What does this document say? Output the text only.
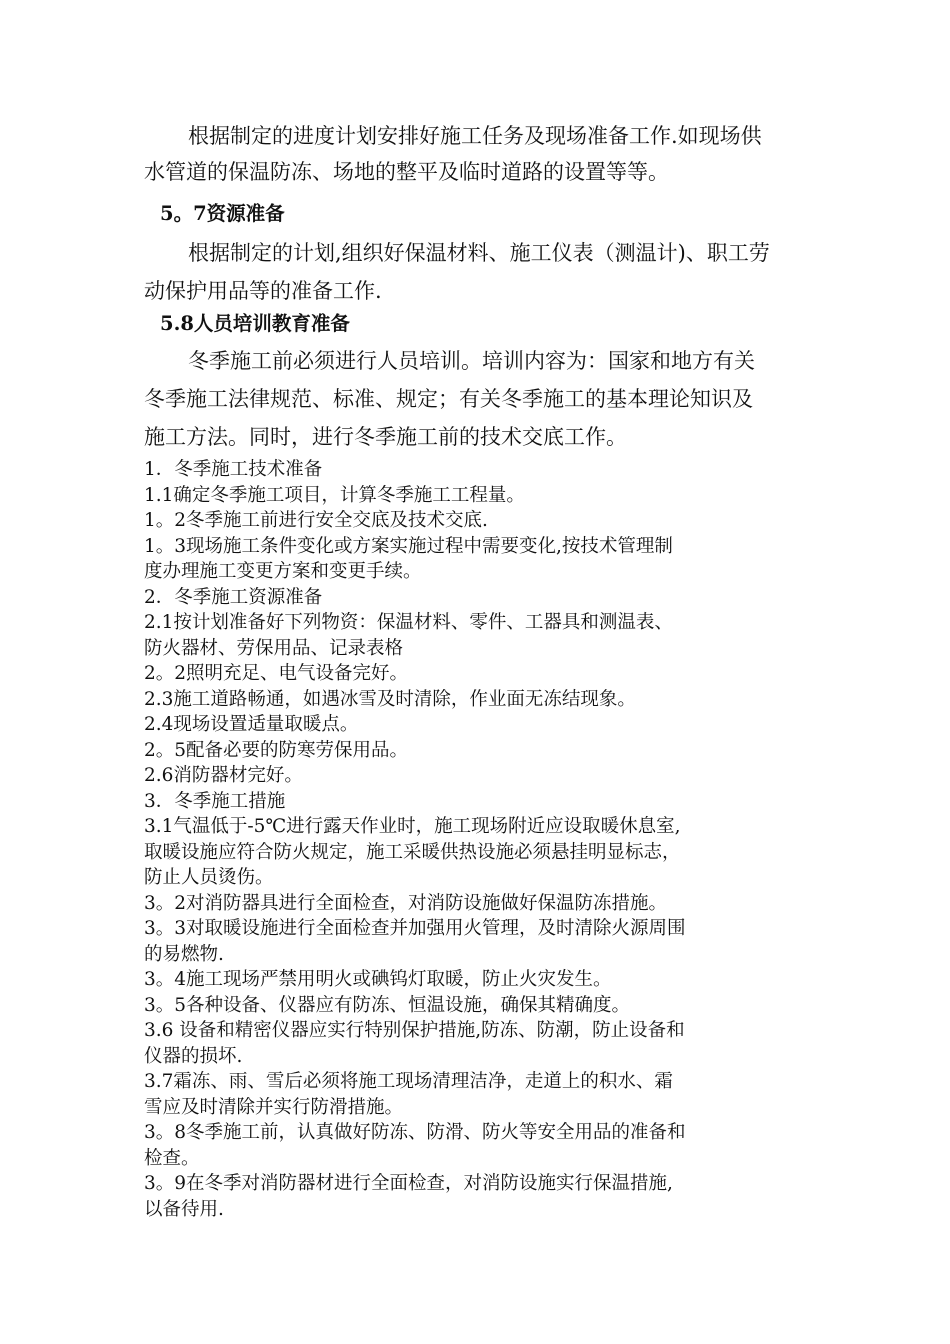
根据制定的进度计划安排好施工任务及现场准备工作.如现场供
水管道的保温防冻、场地的整平及临时道路的设置等等。
5。7资源准备
根据制定的计划,组织好保温材料、施工仪表（测温计)、职工劳
动保护用品等的准备工作.
5.8人员培训教育准备
冬季施工前必须进行人员培训。培训内容为：国家和地方有关
冬季施工法律规范、标准、规定；有关冬季施工的基本理论知识及
施工方法。同时，进行冬季施工前的技术交底工作。
1．冬季施工技术准备
1.1确定冬季施工项目，计算冬季施工工程量。
1。2冬季施工前进行安全交底及技术交底.
1。3现场施工条件变化或方案实施过程中需要变化,按技术管理制
度办理施工变更方案和变更手续。
2．冬季施工资源准备
2.1按计划准备好下列物资：保温材料、零件、工器具和测温表、
防火器材、劳保用品、记录表格
2。2照明充足、电气设备完好。
2.3施工道路畅通，如遇冰雪及时清除，作业面无冻结现象。
2.4现场设置适量取暖点。
2。5配备必要的防寒劳保用品。
2.6消防器材完好。
3．冬季施工措施
3.1气温低于-5℃进行露天作业时，施工现场附近应设取暖休息室,
取暖设施应符合防火规定，施工采暖供热设施必须悬挂明显标志，
防止人员烫伤。
3。2对消防器具进行全面检查，对消防设施做好保温防冻措施。
3。3对取暖设施进行全面检查并加强用火管理，及时清除火源周围
的易燃物.
3。4施工现场严禁用明火或碘钨灯取暖，防止火灾发生。
3。5各种设备、仪器应有防冻、恒温设施，确保其精确度。
3.6 设备和精密仪器应实行特别保护措施,防冻、防潮，防止设备和
仪器的损坏.
3.7霜冻、雨、雪后必须将施工现场清理洁净，走道上的积水、霜
雪应及时清除并实行防滑措施。
3。8冬季施工前，认真做好防冻、防滑、防火等安全用品的准备和
检查。
3。9在冬季对消防器材进行全面检查，对消防设施实行保温措施,
以备待用.
